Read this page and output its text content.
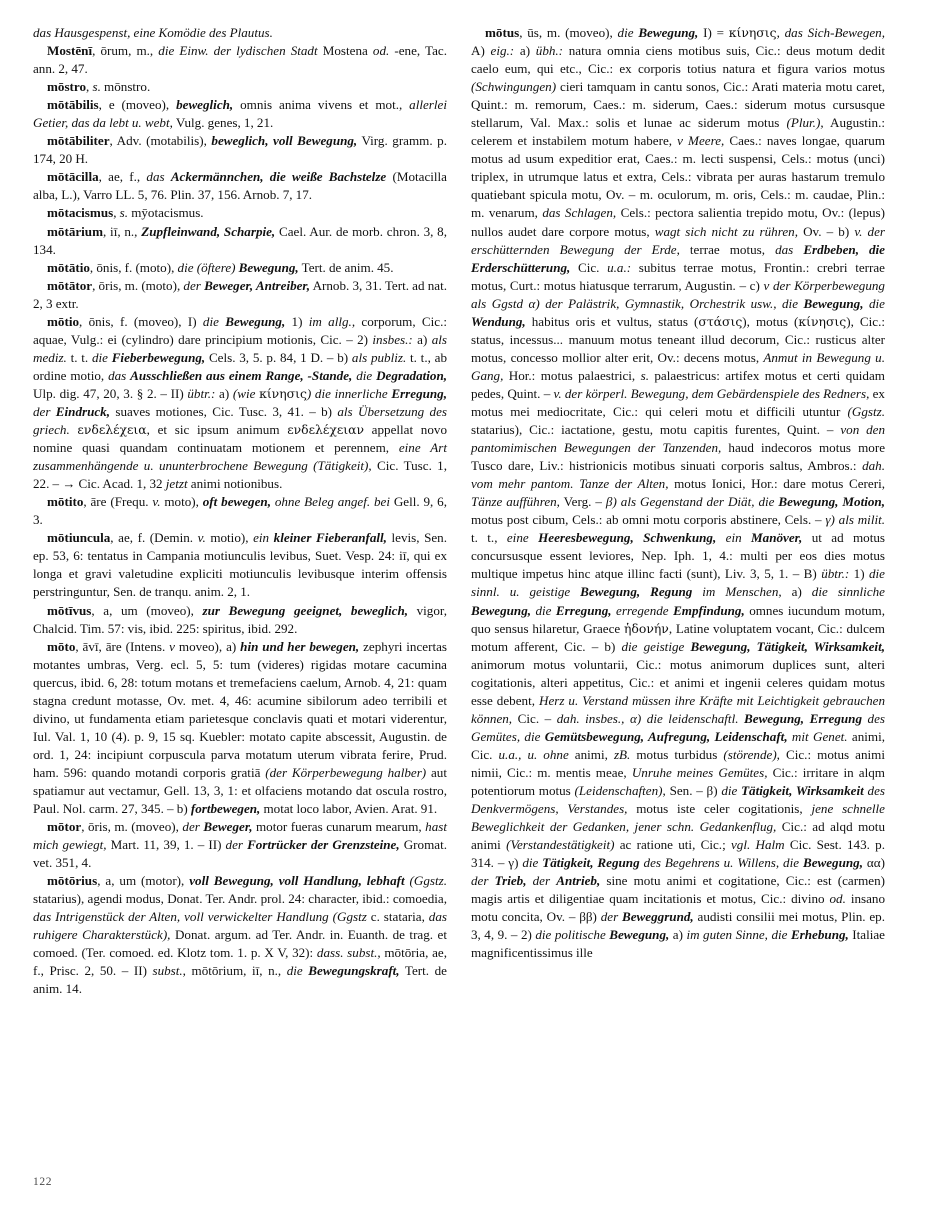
das Hausgespenst, eine Komödie des Plautus.

Mostēnī, ōrum, m., die Einw. der lydischen Stadt Mostena od. -ene, Tac. ann. 2, 47.

mōstro, s. mōnstro.

mōtābilis, e (moveo), beweglich, omnis anima vivens et mot., allerlei Getier, das da lebt u. webt, Vulg. genes, 1, 21.

mōtābiliter, Adv. (motabilis), beweglich, voll Bewegung, Virg. gramm. p. 174, 20 H.

mōtācilla, ae, f., das Ackermännchen, die weiße Bachstelze (Motacilla alba, L.), Varro LL. 5, 76. Plin. 37, 156. Arnob. 7, 17.

mōtacismus, s. mȳotacismus.

mōtārium, iī, n., Zupfleinwand, Scharpie, Cael. Aur. de morb. chron. 3, 8, 134.

mōtātio, ōnis, f. (moto), die (öftere) Bewegung, Tert. de anim. 45.

mōtātor, ōris, m. (moto), der Beweger, Antreiber, Arnob. 3, 31. Tert. ad nat. 2, 3 extr.

mōtio, ōnis, f. (moveo), I) die Bewegung, 1) im allg., corporum, Cic.: aquae, Vulg.: ei (cylindro) dare principium motionis, Cic. – 2) insbes.: a) als mediz. t. t. die Fieberbewegung, Cels. 3, 5. p. 84, 1 D. – b) als publiz. t. t., ab ordine motio, das Ausschließen aus einem Range, -Stande, die Degradation, Ulp. dig. 47, 20, 3. § 2. – II) übtr.: a) (wie κίνησις) die innerliche Erregung, der Eindruck, suaves motiones, Cic. Tusc. 3, 41. – b) als Übersetzung des griech. ενδελέχεια, et sic ipsum animum ενδελέχειαν appellat novo nomine quasi quandam continuatam motionem et perennem, eine Art zusammenhängende u. ununterbrochene Bewegung (Tätigkeit), Cic. Tusc. 1, 22. – → Cic. Acad. 1, 32 jetzt animi notionibus.

mōtito, āre (Frequ. v. moto), oft bewegen, ohne Beleg angef. bei Gell. 9, 6, 3.

mōtiuncula, ae, f. (Demin. v. motio), ein kleiner Fieberanfall, levis, Sen. ep. 53, 6: tentatus in Campania motiunculis levibus, Suet. Vesp. 24: iī, qui ex longa et gravi valetudine expliciti motiunculis levibusque interim offensis perstringuntur, Sen. de tranqu. anim. 2, 1.

mōtīvus, a, um (moveo), zur Bewegung geeignet, beweglich, vigor, Chalcid. Tim. 57: vis, ibid. 225: spiritus, ibid. 292.

mōto, āvī, āre (Intens. v moveo), a) hin und her bewegen, zephyri incertas motantes umbras, Verg. ecl. 5, 5: tum (videres) rigidas motare cacumina quercus, ibid. 6, 28: totum motans et tremefaciens caelum, Arnob. 4, 21: quam stagna credunt motasse, Ov. met. 4, 46: acumine sibilorum adeo terribili et divino, ut fundamenta etiam parietesque conclavis quati et motari viderentur, Iul. Val. 1, 10 (4). p. 9, 15 sq. Kuebler: motato capite abscessit, Augustin. de ord. 1, 24: incipiunt corpuscula parva motatum uterum vibrata ferire, Prud. ham. 596: quando motandi corporis gratiā (der Körperbewegung halber) aut spatiamur aut vectamur, Gell. 13, 3, 1: et olfaciens motando dat oscula rostro, Paul. Nol. carm. 27, 345. – b) fortbewegen, motat loco labor, Avien. Arat. 91.

mōtor, ōris, m. (moveo), der Beweger, motor fueras cunarum mearum, hast mich gewiegt, Mart. 11, 39, 1. – II) der Fortrücker der Grenzsteine, Gromat. vet. 351, 4.

mōtōrius, a, um (motor), voll Bewegung, voll Handlung, lebhaft (Ggstz. statarius), agendi modus, Donat. Ter. Andr. prol. 24: character, ibid.: comoedia, das Intrigenstück der Alten, voll verwickelter Handlung (Ggstz c. stataria, das ruhigere Charakterstück), Donat. argum. ad Ter. Andr. in. Euanth. de trag. et comoed. (Ter. comoed. ed. Klotz tom. 1. p. X V, 32): dass. subst., mōtōria, ae, f., Prisc. 2, 50. – II) subst., mōtōrium, iī, n., die Bewegungskraft, Tert. de anim. 14.

mōtus, ūs, m. (moveo), die Bewegung, I) = κίνησις, das Sich-Bewegen, A) eig.: a) übh.: natura omnia ciens motibus suis, Cic.: deus motum dedit caelo eum, qui etc., Cic.: ex corporis totius natura et figura varios motus (Schwingungen) cieri tamquam in cantu sonos, Cic.: Arati materia motu caret, Quint.: m. remorum, Caes.: m. siderum, Caes.: siderum motus cursusque stellarum, Val. Max.: solis et lunae ac siderum motus (Plur.), Augustin.: celerem et instabilem motum habere, v Meere, Caes.: naves longae, quarum motus ad usum expeditior erat, Caes.: m. lecti suspensi, Cels.: motus (unci) triplex, in utrumque latus et extra, Cels.: vibrata per auras hastarum tremulo quatiebant spicula motu, Ov. – m. oculorum, m. oris, Cels.: m. caudae, Plin.: m. venarum, das Schlagen, Cels.: pectora salientia trepido motu, Ov.: (lepus) nullos audet dare corpore motus, wagt sich nicht zu rühren, Ov. – b) v. der erschütternden Bewegung der Erde, terrae motus, das Erdbeben, die Erderschütterung, Cic. u.a.: subitus terrae motus, Frontin.: crebri terrae motus, Curt.: motus hiatusque terrarum, Augustin. – c) v der Körperbewegung als Ggstd α) der Palästrik, Gymnastik, Orchestrik usw., die Bewegung, die Wendung, habitus oris et vultus, status (στάσις), motus (κίνησις), Cic.: status, incessus... manuum motus teneant illud decorum, Cic.: rusticus alter motus, concesso mollior alter erit, Ov.: decens motus, Anmut in Bewegung u. Gang, Hor.: motus palaestrici, s. palaestricus: artifex motus et certi quidam pedes, Quint. – v. der körperl. Bewegung, dem Gebärdenspiele des Redners, ex motus mei mediocritate, Cic.: qui celeri motu et difficili utuntur (Ggstz. statarius), Cic.: iactatione, gestu, motu capitis furentes, Quint. – von den pantomimischen Bewegungen der Tanzenden, haud indecoros motus more Tusco dare, Liv.: histrionicis motibus sinuati corporis saltus, Ambros.: dah. vom mehr pantom. Tanze der Alten, motus Ionici, Hor.: dare motus Cereri, Tänze aufführen, Verg. – β) als Gegenstand der Diät, die Bewegung, Motion, motus post cibum, Cels.: ab omni motu corporis abstinere, Cels. – γ) als milit. t. t., eine Heeresbewegung, Schwenkung, ein Manöver, ut ad motus concursusque essent leviores, Nep. Iph. 1, 4.: multi per eos dies motus multique impetus hinc atque illinc facti (sunt), Liv. 3, 5, 1. – B) übtr.: 1) die sinnl. u. geistige Bewegung, Regung im Menschen, a) die sinnliche Bewegung, die Erregung, erregende Empfindung, omnes iucundum motum, quo sensus hilaretur, Graece ἡδονήν, Latine voluptatem vocant, Cic.: dulcem motum afferent, Cic. – b) die geistige Bewegung, Tätigkeit, Wirksamkeit, animorum motus voluntarii, Cic.: motus animorum duplices sunt, alteri cogitationis, alteri appetitus, Cic.: et animi et ingenii celeres quidam motus esse debent, Herz u. Verstand müssen ihre Kräfte mit Leichtigkeit gebrauchen können, Cic. – dah. insbes., α) die leidenschaftl. Bewegung, Erregung des Gemütes, die Gemütsbewegung, Aufregung, Leidenschaft, mit Genet. animi, Cic. u.a., u. ohne animi, zB. motus turbidus (störende), Cic.: motus animi nimii, Cic.: m. mentis meae, Unruhe meines Gemütes, Cic.: irritare in alqm potentiorum motus (Leidenschaften), Sen. – β) die Tätigkeit, Wirksamkeit des Denkvermögens, Verstandes, motus iste celer cogitationis, jene schnelle Beweglichkeit der Gedanken, jener schn. Gedankenflug, Cic.: ad alqd motu animi (Verstandestätigkeit) ac ratione uti, Cic.; vgl. Halm Cic. Sest. 143. p. 314. – γ) die Tätigkeit, Regung des Begehrens u. Willens, die Bewegung, αα) der Trieb, der Antrieb, sine motu animi et cogitatione, Cic.: est (carmen) magis artis et diligentiae quam incitationis et motus, Cic.: divino od. insano motu concita, Ov. – ββ) der Beweggrund, audisti consilii mei motus, Plin. ep. 3, 4, 9. – 2) die politische Bewegung, a) im guten Sinne, die Erhebung, Italiae magnificentissimus ille

122
